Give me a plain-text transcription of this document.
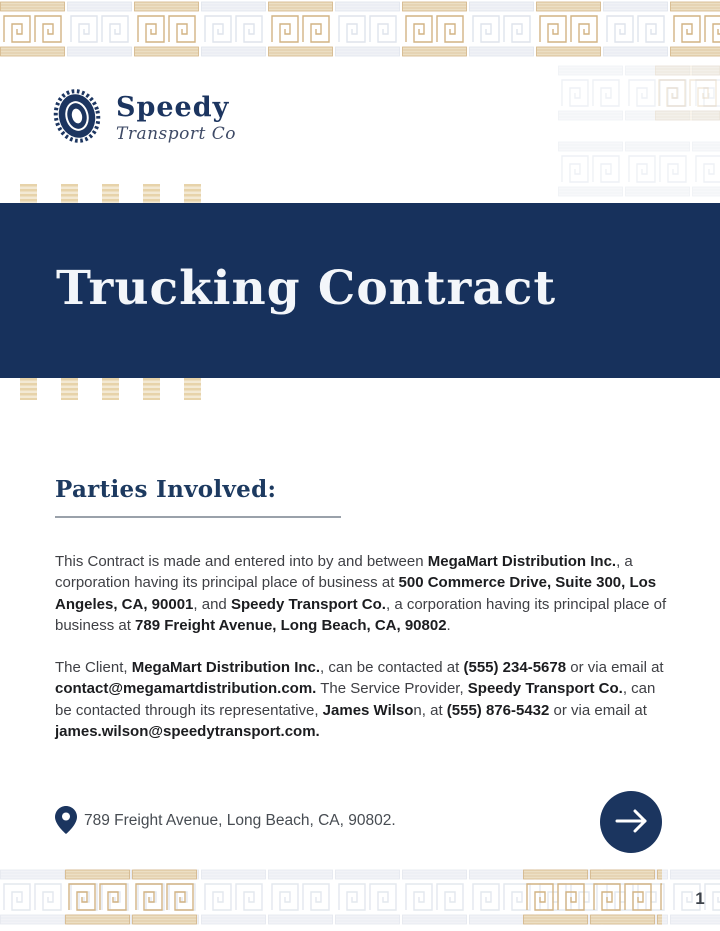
Speedy
Transport Co
Trucking Contract
Parties Involved:

This Contract is made and entered into by and between MegaMart Distribution Inc., a corporation having its principal place of business at 500 Commerce Drive, Suite 300, Los Angeles, CA, 90001, and Speedy Transport Co., a corporation having its principal place of business at 789 Freight Avenue, Long Beach, CA, 90802.

The Client, MegaMart Distribution Inc., can be contacted at (555) 234-5678 or via email at contact@megamartdistribution.com. The Service Provider, Speedy Transport Co., can be contacted through its representative, James Wilson, at (555) 876-5432 or via email at james.wilson@speedytransport.com.

789 Freight Avenue, Long Beach, CA, 90802.
1
